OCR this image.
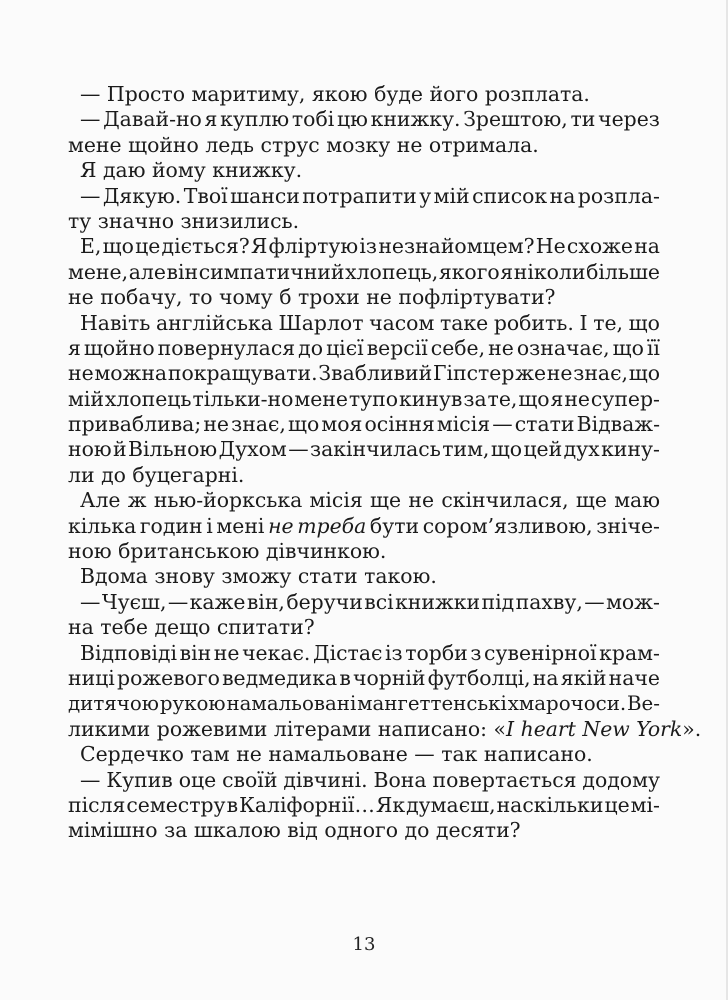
— Просто маритиму, якою буде його розплата.
— Давай-но я куплю тобі цю книжку. Зрештою, ти через
мене щойно ледь струс мозку не отримала.
Я даю йому книжку.
— Дякую. Твої шанси потрапити у мій список на розпла-
ту значно знизились.
Е, що це діється? Я фліртую із незнайомцем? Не схоже на
мене, але він симпатичний хлопець, якого я ніколи більше
не побачу, то чому б трохи не пофліртувати?
Навіть англійська Шарлот часом таке робить. І те, що
я щойно повернулася до цієї версії себе, не означає, що її
не можна покращувати. Звабливий Гіпстер же не знає, що
мій хлопець тільки-но мене тупо кинув за те, що я не супер-
приваблива; не знає, що моя осіння місія — стати Відваж-
ною й Вільною Духом — закінчилась тим, що цей дух кину-
ли до буцегарні.
Але ж нью-йоркська місія ще не скінчилася, ще маю
кілька годин і мені не треба бути сором’язливою, зніче-
ною британською дівчинкою.
Вдома знову зможу стати такою.
— Чуєш, — каже він, беручи всі книжки під пахву, — мож-
на тебе дещо спитати?
Відповіді він не чекає. Дістає із торби з сувенірної крам-
ниці рожевого ведмедика в чорній футболці, на якій наче
дитячою рукою намальовані мангеттенські хмарочоси. Ве-
ликими рожевими літерами написано: «I heart New York».
Сердечко там не намальоване — так написано.
— Купив оце своїй дівчині. Вона повертається додому
після семестру в Каліфорнії… Як думаєш, наскільки це мі-
мімішно за шкалою від одного до десяти?
13
